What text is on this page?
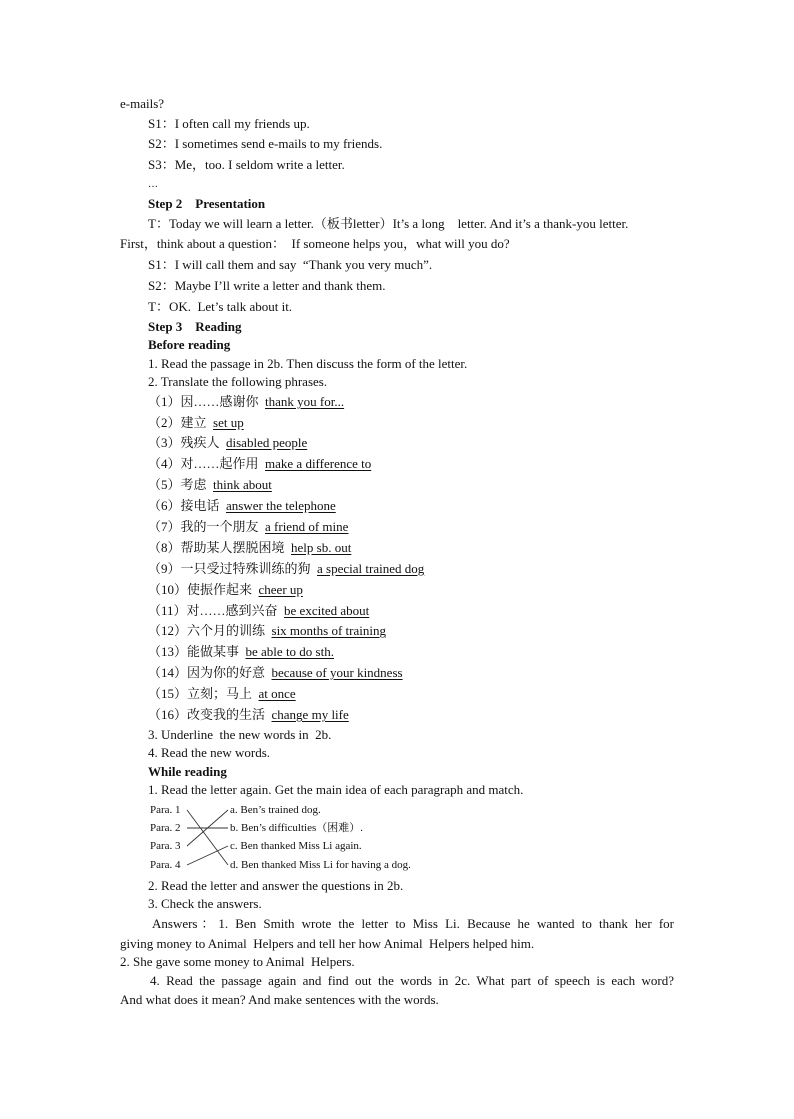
e-mails?
S1：I often call my friends up.
S2：I sometimes send e-mails to my friends.
S3：Me，too. I seldom write a letter.
…
Step 2    Presentation
T：Today we will learn a letter.（板书letter）It’s a long    letter. And it’s a thank-you letter.
First，think about a question：  If someone helps you，what will you do?
S1：I will call them and say  “Thank you very much”.
S2：Maybe I’ll write a letter and thank them.
T：OK.  Let’s talk about it.
Step 3    Reading
Before reading
1. Read the passage in 2b. Then discuss the form of the letter.
2. Translate the following phrases.
（1）因……感谢你 thank you for...
（2）建立 set up
（3）残疾人 disabled people
（4）对……起作用 make a difference to
（5）考虑 think about
（6）接电话 answer the telephone
（7）我的一个朋友 a friend of mine
（8）帮助某人摆脱困境 help sb. out
（9）一只受过特殊训练的狗 a special trained dog
（10）使振作起来 cheer up
（11）对……感到兴奋 be excited about
（12）六个月的训练 six months of training
（13）能做某事 be able to do sth.
（14）因为你的好意 because of your kindness
（15）立刻；马上 at once
（16）改变我的生活 change my life
3. Underline  the new words in  2b.
4. Read the new words.
While reading
1. Read the letter again. Get the main idea of each paragraph and match.
Para. 1
Para. 2
Para. 3
Para. 4
a. Ben’s trained dog.
b. Ben’s difficulties（困难）.
c. Ben thanked Miss Li again.
d. Ben thanked Miss Li for having a dog.
2. Read the letter and answer the questions in 2b.
3. Check the answers.
Answers：1. Ben Smith wrote the letter to Miss Li. Because he wanted to thank her for
giving money to Animal  Helpers and tell her how Animal  Helpers helped him.
2. She gave some money to Animal  Helpers.
4. Read the passage again and find out the words in 2c. What part of speech is each word?
And what does it mean? And make sentences with the words.
